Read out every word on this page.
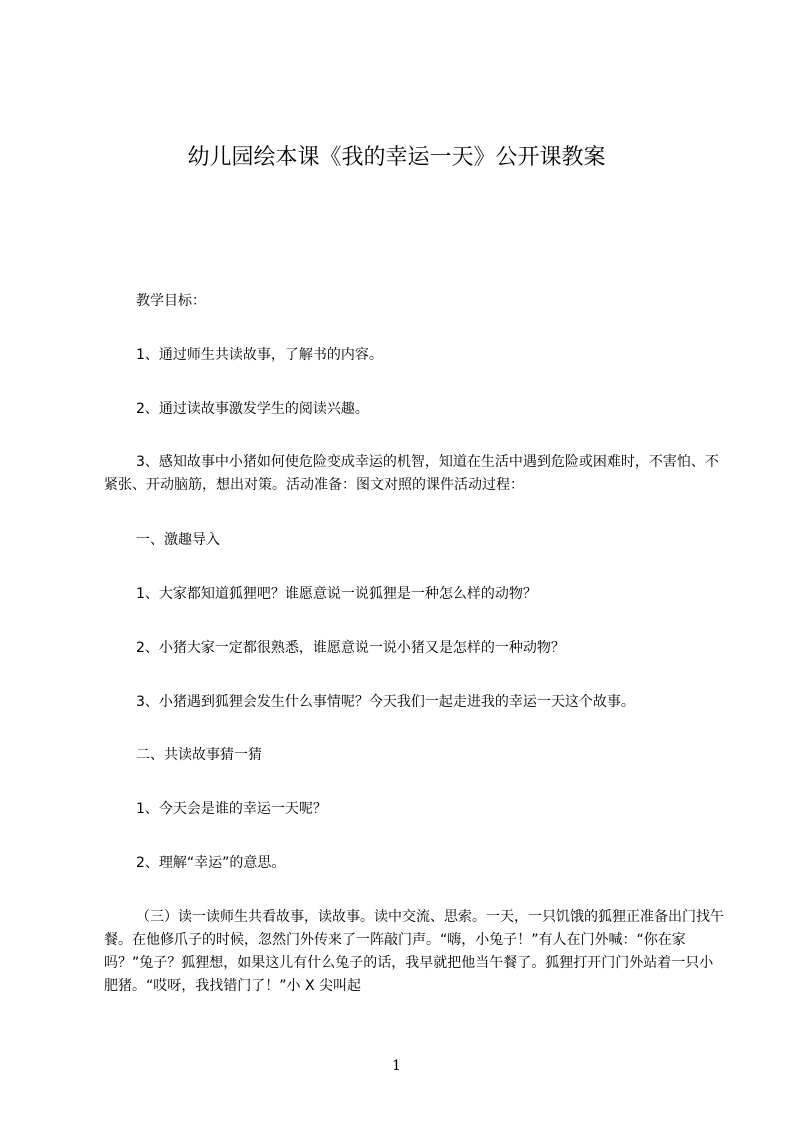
幼儿园绘本课《我的幸运一天》公开课教案
教学目标：
1、通过师生共读故事，了解书的内容。
2、通过读故事激发学生的阅读兴趣。
3、感知故事中小猪如何使危险变成幸运的机智，知道在生活中遇到危险或困难时，不害怕、不紧张、开动脑筋，想出对策。活动准备：图文对照的课件活动过程：
一、激趣导入
1、大家都知道狐狸吧？谁愿意说一说狐狸是一种怎么样的动物？
2、小猪大家一定都很熟悉，谁愿意说一说小猪又是怎样的一种动物？
3、小猪遇到狐狸会发生什么事情呢？今天我们一起走进我的幸运一天这个故事。
二、共读故事猜一猜
1、今天会是谁的幸运一天呢？
2、理解“幸运”的意思。
（三）读一读师生共看故事，读故事。读中交流、思索。一天，一只饥饿的狐狸正准备出门找午餐。在他修爪子的时候，忽然门外传来了一阵敲门声。“嗨，小兔子！”有人在门外喊：“你在家吗？”兔子？狐狸想，如果这儿有什么兔子的话，我早就把他当午餐了。狐狸打开门门外站着一只小肥猪。“哎呀，我找错门了！”小 X 尖叫起
1
